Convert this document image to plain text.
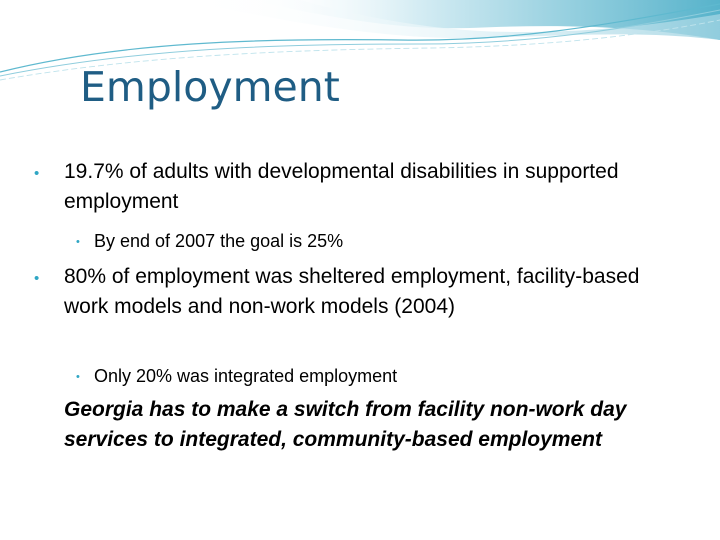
Employment

• 19.7% of adults with developmental disabilities in supported employment

• By end of 2007 the goal is 25%

• 80% of employment was sheltered employment, facility-based work models and non-work models (2004)

• Only 20% was integrated employment

Georgia has to make a switch from facility non-work day services to integrated, community-based employment
